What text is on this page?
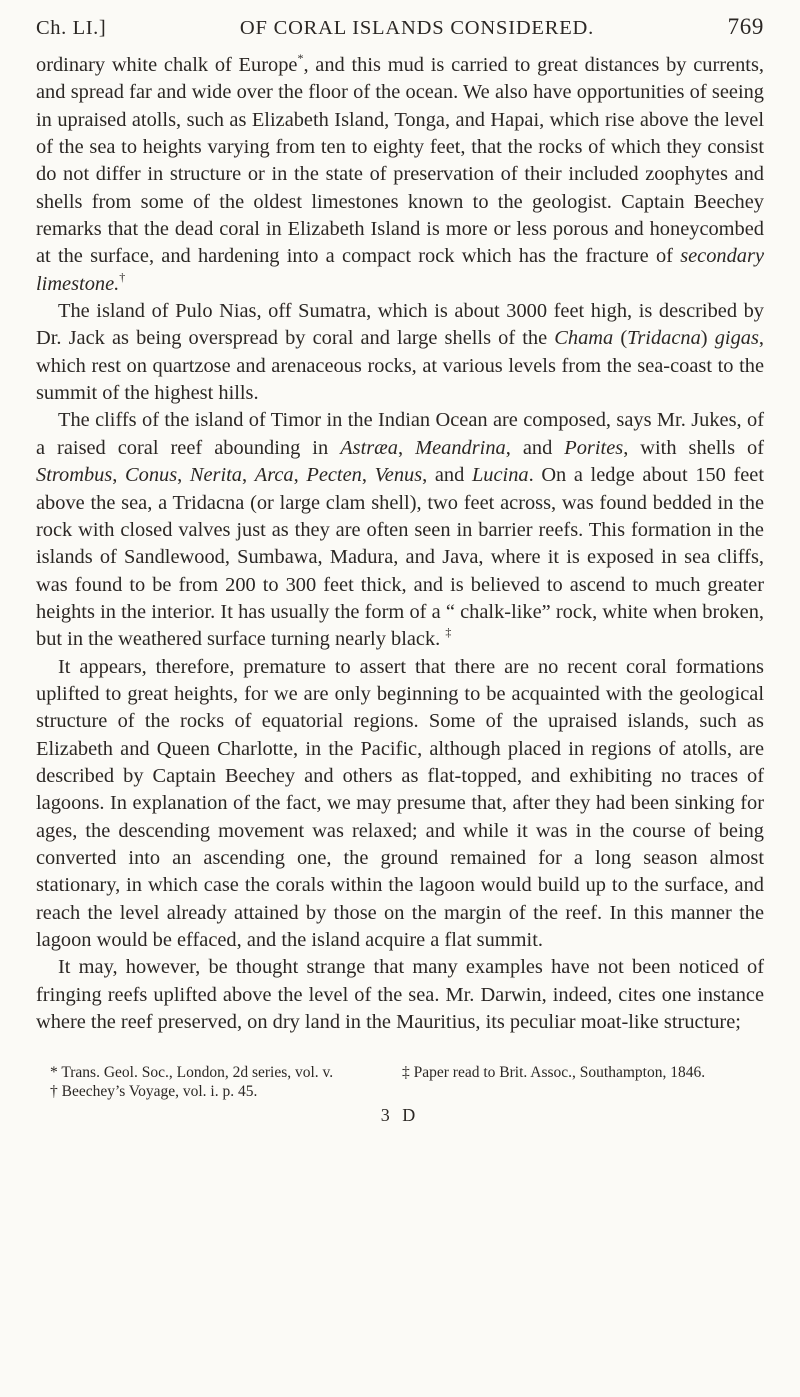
Ch. LI.]	OF CORAL ISLANDS CONSIDERED.	769

ordinary white chalk of Europe*, and this mud is carried to great distances by currents, and spread far and wide over the floor of the ocean. We also have opportunities of seeing in upraised atolls, such as Elizabeth Island, Tonga, and Hapai, which rise above the level of the sea to heights varying from ten to eighty feet, that the rocks of which they consist do not differ in structure or in the state of preservation of their included zoophytes and shells from some of the oldest limestones known to the geologist. Captain Beechey remarks that the dead coral in Elizabeth Island is more or less porous and honeycombed at the surface, and hardening into a compact rock which has the fracture of secondary limestone.†

The island of Pulo Nias, off Sumatra, which is about 3000 feet high, is described by Dr. Jack as being overspread by coral and large shells of the Chama (Tridacna) gigas, which rest on quartzose and arenaceous rocks, at various levels from the sea-coast to the summit of the highest hills.

The cliffs of the island of Timor in the Indian Ocean are composed, says Mr. Jukes, of a raised coral reef abounding in Astræa, Meandrina, and Porites, with shells of Strombus, Conus, Nerita, Arca, Pecten, Venus, and Lucina. On a ledge about 150 feet above the sea, a Tridacna (or large clam shell), two feet across, was found bedded in the rock with closed valves just as they are often seen in barrier reefs. This formation in the islands of Sandlewood, Sumbawa, Madura, and Java, where it is exposed in sea cliffs, was found to be from 200 to 300 feet thick, and is believed to ascend to much greater heights in the interior. It has usually the form of a “ chalk-like” rock, white when broken, but in the weathered surface turning nearly black. ‡

It appears, therefore, premature to assert that there are no recent coral formations uplifted to great heights, for we are only beginning to be acquainted with the geological structure of the rocks of equatorial regions. Some of the upraised islands, such as Elizabeth and Queen Charlotte, in the Pacific, although placed in regions of atolls, are described by Captain Beechey and others as flat-topped, and exhibiting no traces of lagoons. In explanation of the fact, we may presume that, after they had been sinking for ages, the descending movement was relaxed; and while it was in the course of being converted into an ascending one, the ground remained for a long season almost stationary, in which case the corals within the lagoon would build up to the surface, and reach the level already attained by those on the margin of the reef. In this manner the lagoon would be effaced, and the island acquire a flat summit.

It may, however, be thought strange that many examples have not been noticed of fringing reefs uplifted above the level of the sea. Mr. Darwin, indeed, cites one instance where the reef preserved, on dry land in the Mauritius, its peculiar moat-like structure;

* Trans. Geol. Soc., London, 2d series, vol. v.

† Beechey’s Voyage, vol. i. p. 45.

‡ Paper read to Brit. Assoc., Southampton, 1846.

3 D
